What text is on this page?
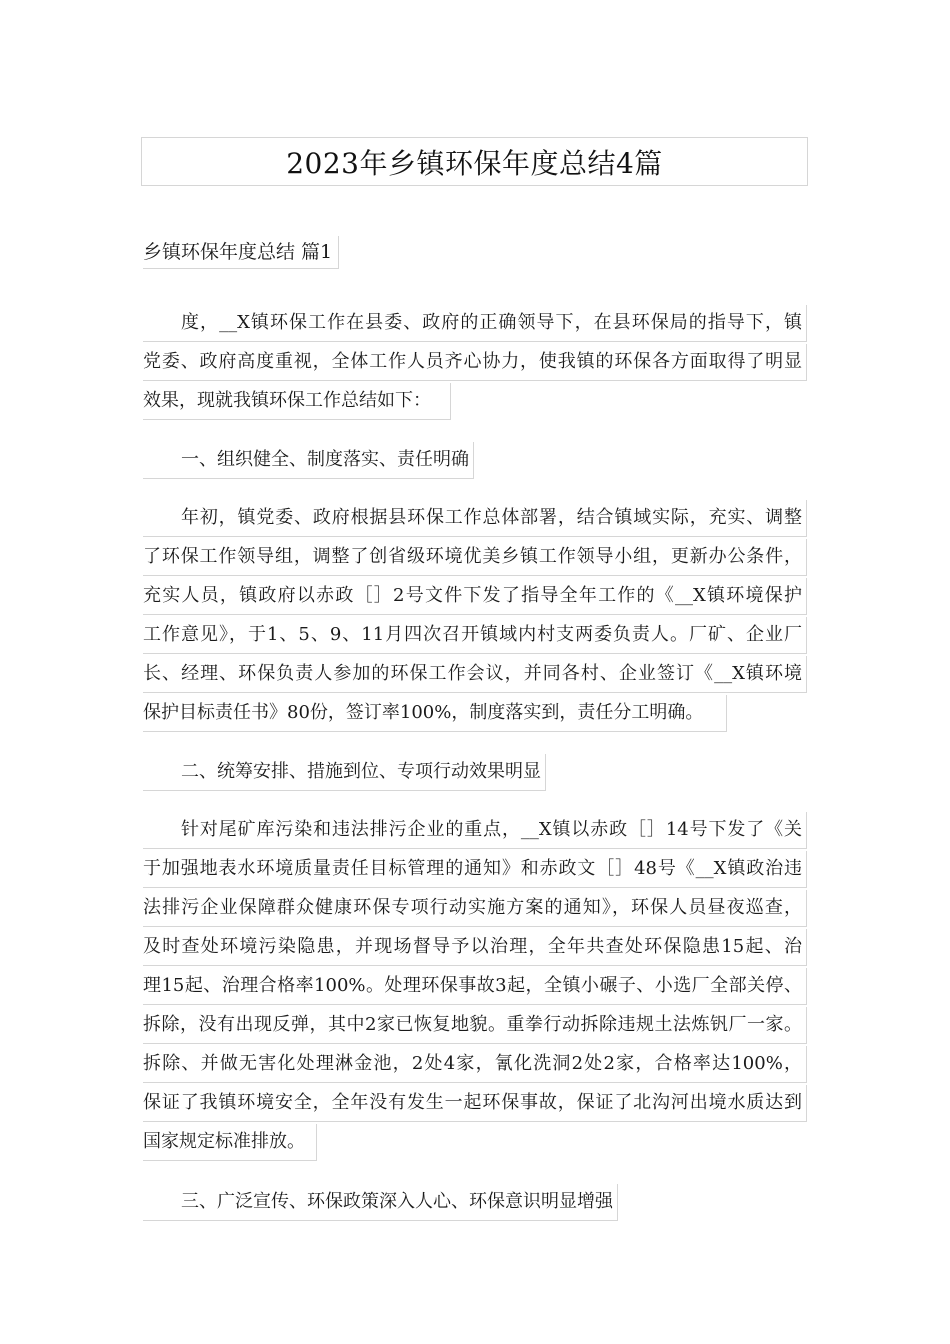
2023年乡镇环保年度总结4篇
乡镇环保年度总结 篇1
度，__X镇环保工作在县委、政府的正确领导下，在县环保局的指导下，镇
党委、政府高度重视，全体工作人员齐心协力，使我镇的环保各方面取得了明显
效果，现就我镇环保工作总结如下：
一、组织健全、制度落实、责任明确
年初，镇党委、政府根据县环保工作总体部署，结合镇域实际，充实、调整
了环保工作领导组，调整了创省级环境优美乡镇工作领导小组，更新办公条件，
充实人员，镇政府以赤政［］2号文件下发了指导全年工作的《__X镇环境保护
工作意见》，于1、5、9、11月四次召开镇域内村支两委负责人。厂矿、企业厂
长、经理、环保负责人参加的环保工作会议，并同各村、企业签订《__X镇环境
保护目标责任书》80份，签订率100%，制度落实到，责任分工明确。
二、统筹安排、措施到位、专项行动效果明显
针对尾矿库污染和违法排污企业的重点，__X镇以赤政［］14号下发了《关
于加强地表水环境质量责任目标管理的通知》和赤政文［］48号《__X镇政治违
法排污企业保障群众健康环保专项行动实施方案的通知》，环保人员昼夜巡查，
及时查处环境污染隐患，并现场督导予以治理，全年共查处环保隐患15起、治
理15起、治理合格率100%。处理环保事故3起，全镇小碾子、小选厂全部关停、
拆除，没有出现反弹，其中2家已恢复地貌。重拳行动拆除违规土法炼钒厂一家。
拆除、并做无害化处理淋金池，2处4家，氰化洗洞2处2家，合格率达100%，
保证了我镇环境安全，全年没有发生一起环保事故，保证了北沟河出境水质达到
国家规定标准排放。
三、广泛宣传、环保政策深入人心、环保意识明显增强
